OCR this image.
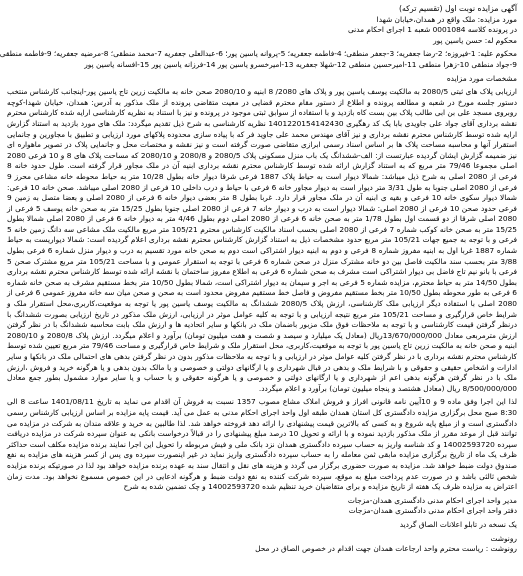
آگهی مزایده نوبت اول (تقسیم ترکه)
مورد مزایده: ملک واقع در همدان،خیابان شهدا
در پرونده کلاسه 0001084 شعبه 1 اجرای احکام مدنی
محکوم له: حسن یاسین پور
محکوم علیه: 1-فیروزه؛ 2-رضا جعفریه؛ 3-جعفر منطقی؛ 4-فاطمه جعفریه؛ 5-پروانه یاسین پور؛ 6-عبدالعلی جعفریه 7-محمد منطقی؛ 8-مرضیه جعفریه؛ 9-فاطمه منطقی
9-جواد منطقی 10-زهرا منطقی 11-امیرحسین منطقی 12-شهلا جعفریه 13-امیرخسرو یاسین پور 14-فرزانه یاسین پور 15-افسانه یاسین پور
مشخصات مورد مزایده
ارزیابی پلاک های ثبتی 2080/5 به مالکیت یوسف یاسین پور و پلاک های 2080/ 8 ابنیه و 2080/10 صحن خانه به مالکیت زرین تاج یاسین پور-اینجانب کارشناس منتخب دستور جلسه مورخ در شعبه و مطالعه پرونده و اطلاع از دستور مقام محترم قضایی در معیت متقاضی پرونده از ملک مذکور به آدرس: همدان، خیابان شهدا-کوچه روبروی مسجد علی بن ابی طالب پلاک بین بست کاه بازدید و با استفاده از سوابق ثبتی موجود در پرونده و نیز با استناد به نظریه کارشناسی ارایه شده کارشناس محترم نقشه برداری آقای جواد علی جاویدی بابا یک کد رهگیری 1401220154142430 نظریه کارشناسی به شرح ذیل تقدیم میگردد: ملک های مورد بازدید به استناد گزارش ارایه شده توسط کارشناس محترم نقشه برداری و نیز آقای مهندس محمد علی جاوید فر که با پیاده سازی محدوده پلاکهای مورد ارزیابی و تطبیق با مجاورین و جانمایی استقرار آنها و محاسبه مساحت پلاک ها بر اساس اسناد رسمی ابرازی متقاضی صورت گرفته است و نیز نقشه و مختصات محل و جانمایی پلاک در تصویر ماهواره ای نیز ضمیمه گزارش ایشان گردیده عبارتست از: الف-ششدانگ یک باب منزل مسکونی پلاک 2080/5 و 2080/8 و 2080/10 که مساحت پلاک های 8 و 10 فرعی 2080 اصلی مجموعا 79/46 متر مربع که به استناد گزارش ارائه شده توسط کارشناس محترم نقشه برداری ابنیه آن در ملک مجاور قرار گرفته است. طول حدود خانه 8 فرعی از 2080 اصلی به شرح ذیل میباشد: شمالا دیوار است به حیاط پلاک 1887 فرعی شرقا دیوار خانه بطول 10/28 متر به حیاط محوطه خانه مشاعی محرز 9 فرعی از 2080 اصلی جنوبا به طول 3/31 متر دیوار است به دیوار مجاور خانه 6 فرعی با حیاط و درب داخلی 10 فرعی از 2080 اصلی میباشد. صحن خانه 10 فرعی: شمالا دیوار سکوی خانه 10 فرعی و بقیه ی ابنیه آن در ملک مجاور قرار دارد. غربا بطول 8 متر بعضی دیوار خانه 6 فرعی از 2080 اصلی و بعضا متصل به زمین 9 فرعی حدود صحن 10 فرعی از 2080 اصلی: شمالا دیوار است به درب و دیوار خانه 7 فرعی از 2080 اصلی جنوبا بطول 15/25 متر به صحن خانه یوسف 5 فرعی از 2080 اصلی شرقا از دو قسمت اول بطول 1/78 متر به صحن خانه 6 فرعی از 2080 اصلی دوم بطول 4/46 متر به دیوار خانه 6 فرعی از 2080 اصلی شمالا بطول 15/25 متر به صحن خانه کوکب شماره 7 فرعی از 2080 اصلی بحسب اسناد مالکیت کارشناس محترم 105/21 متر مربع مالکیت ملک مشاعی سه دانگ زمین خانه 5 فرعی و با توجه به جمیع جهات 105/21 متر مربع حدود مشخصات ذیل به استناد گزارش کارشناس محترم نقشه برداری اعلام گردیده است: شمالا دیواریست به حیاط شماره 1887 غربا اول به ابنیه مفروز شماره 8 فرعی و دوم به ابنیه دیوار اشتراکی است دوم به صحن خانه مورد تقسیم به درب و دیوار منزل شماره 6 فرعی بطول 3/88 متر بحسب سند مالکیت فاصل بین دو خانه مشترک منزل در صحن شماره 6 فرعی با توجه به استقرار عمومی و با مساحت 105/21 متر مربع مشترک صحن 5 فرعی با بانو نیم تاج فاضل بی دیوار اشتراکی است مشرف به صحن شماره 6 فرعی به اطلاع مفروز ساختمان با نقشه ارائه شده توسط کارشناس محترم نقشه برداری بطول 14/50 متر به حیاط محترم، مزایده شماره 5 فرعی به اجر و سیمان به دیوار اشتراکی است، شمالا بطول 10/50 متر بخط مستقیم مشرف به صحن خانه شماره 6 فرعی به طور محوطه بطول 10/50 متر بخط مستقیم مفروض و فاصل خط مستقیم مفروض محدود است به صحن و صحن میان سه خانه مفروز عمومی 6 فرعی از 2080 اصلی با استفاده دیگر ارزیابی ملک کارشناسی، ارزش پلاک 2080/5 ششدانگ به مالکیت یوسف یاسین پور یا توجه به موقعیت،کاربری،محل استقرار ملک و شرایط خاص قرارگیری و مساحت 105/21 متر مربع نتیجه ارزیابی و با توجه به کلیه عوامل موثر در ارزیابی، ارزش ملک مذکور در تاریخ ارزیابی بصورت ششدانگ با درنظر گرفتن قیمت کارشناسی و با توجه به ملاحظات فوق ملک مزبور باضمان ملک در بانکها و سایر اتحادیه ها و ارزش ملک بابت محاسبه ششدانگ با در نظر گرفتن ارزش مترمربعی معادل 13/670/000/000ریال (معادل یک میلیارد و سیصد و شصت و هفت میلیون تومان) برآورد و اعلام میگردد. ارزش پلاک 2080/8 و 2080/10 ابنیه و صحن خانه به مالکیت زرین تاج یاسین پور با توجه به موقعیت،کاربری، محل استقرار ملک و شرایط خاص قرارگیری و مساحت 79/46 متر مربع تعیین شده توسط کارشناس محترم نقشه برداری با در نظر گرفتن کلیه عوامل موثر در ارزیابی و با توجه به ملاحظات مذکور بدون در نظر گرفتن بدهی های احتمالی ملک در بانکها و سایر ادارات و اشخاص حقیقی و حقوقی و با شرایط ملک و بدهی در قبال شهرداری و یا ارگانهای دولتی و خصوصی و یا مالک بدون بدهی و یا هرگونه خرید و فروش ،ارزش ملک با در نظر گرفتن هرگونه بدهی اعم از شهرداری و یا ارگانهای دولتی و خصوصی و یا هرگونه حقوقی و با حساب و یا سایر موارد مشمول بطور جمع معادل 8/500/000/000 ریال (معادل هشتصد و پنجاه میلیون تومان) برآورد و اعلام میگردد.
لذا این اجرا وفق ماده 9 و 10آیین نامه قانونی افراز و فروش املاک مشاع مصوب 1357 نسبت به فروش آن اقدام می نماید به تاریخ 1401/08/11 ساعت 8 الی 8:30 صبح محل برگزاری مزایده دادگستری کل استان همدان طبقه اول واحد اجرای احکام مدنی به عمل می آید. قیمت پایه مزایده بر اساس ارزیابی کارشناس رسمی دادگستری است و از مبلغ پایه شروع و به کسی که بالاترین قیمت پیشنهادی را ارائه دهد فروخته خواهد شد. لذا طالبین به خرید و علاقه مندان به شرکت در مزایده می توانند قبل از موعد مقرر از ملک مذکور بازدید نموده و با ارائه و تحویل 10 درصد مبلغ پیشنهادی را در قبالاً درخواست بانکی به عنوان سپرده شرکت در مزایده دریافت سپرده 14002593720 و کد شناسه واریز به حساب سپرده دادگستری همدان نزد بانک ملی و فیش مربوطه را تحویل این اجرا نمایند برنده مزایده مکلف است حداکثر ظرف یک ماه از تاریخ برگزاری مزایده مابقی ثمن معامله را به حساب سپرده دادگستری واریز نماید در غیر اینصورت سپرده وی پس از کسر هزینه های مزایده به نفع صندوق دولت ضبط خواهد شد. مزایده به صورت حضوری برگزار می گردد و هزینه های نقل و انتقال سند به عهده برنده مزایده خواهد بود لذا در صورتیکه برنده مزایده شخص ثالثی باشد و در صورت عدم پرداخت مبلغ به موقع، سپرده شرکت کننده به نفع دولت ضبط و هرگونه ادعایی در این خصوص مسموع نخواهد بود. مدت زمان اعتراض به مزایده ظرف یک هفته از تاریخ مزایده و برای متقاضیان خرید تنظیم شده 14002593720 و چک تضمین شده به شرح
مدیر واحد اجرای احکام مدنی دادگستری همدان-مزجات
دفتر واحد اجرای احکام مدنی دادگستری همدان-مزجات
یک نسخه در تابلو اعلانات الصاق گردید
رونوشت
رونوشت : ریاست محترم واحد ارجاعات همدان جهت اقدام در خصوص الصاق در محل
